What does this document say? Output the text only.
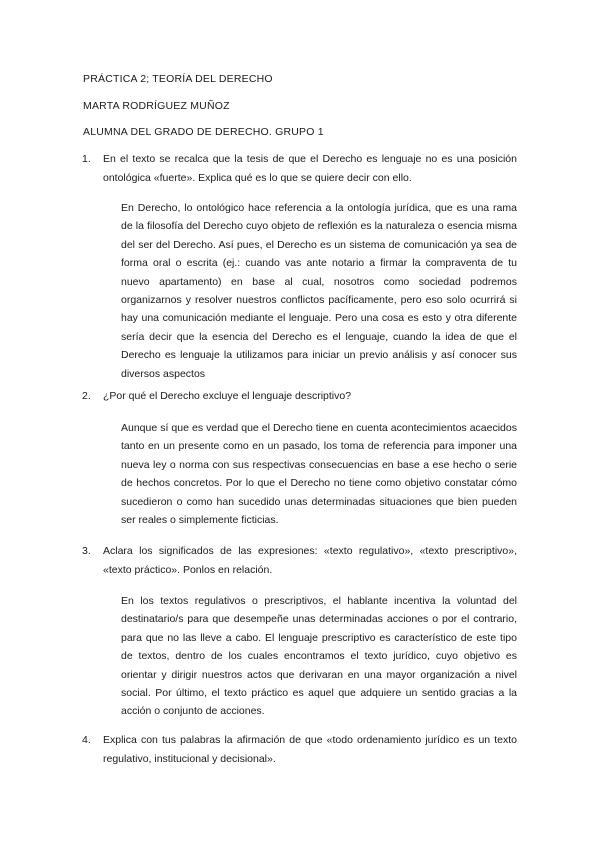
PRÁCTICA 2; TEORÍA DEL DERECHO
MARTA RODRÍGUEZ MUÑOZ
ALUMNA DEL GRADO DE DERECHO. GRUPO 1
1. En el texto se recalca que la tesis de que el Derecho es lenguaje no es una posición ontológica «fuerte». Explica qué es lo que se quiere decir con ello.
En Derecho, lo ontológico hace referencia a la ontología jurídica, que es una rama de la filosofía del Derecho cuyo objeto de reflexión es la naturaleza o esencia misma del ser del Derecho. Así pues, el Derecho es un sistema de comunicación ya sea de forma oral o escrita (ej.: cuando vas ante notario a firmar la compraventa de tu nuevo apartamento) en base al cual, nosotros como sociedad podremos organizarnos y resolver nuestros conflictos pacíficamente, pero eso solo ocurrirá si hay una comunicación mediante el lenguaje. Pero una cosa es esto y otra diferente sería decir que la esencia del Derecho es el lenguaje, cuando la idea de que el Derecho es lenguaje la utilizamos para iniciar un previo análisis y así conocer sus diversos aspectos
2. ¿Por qué el Derecho excluye el lenguaje descriptivo?
Aunque sí que es verdad que el Derecho tiene en cuenta acontecimientos acaecidos tanto en un presente como en un pasado, los toma de referencia para imponer una nueva ley o norma con sus respectivas consecuencias en base a ese hecho o serie de hechos concretos. Por lo que el Derecho no tiene como objetivo constatar cómo sucedieron o como han sucedido unas determinadas situaciones que bien pueden ser reales o simplemente ficticias.
3. Aclara los significados de las expresiones: «texto regulativo», «texto prescriptivo», «texto práctico». Ponlos en relación.
En los textos regulativos o prescriptivos, el hablante incentiva la voluntad del destinatario/s para que desempeñe unas determinadas acciones o por el contrario, para que no las lleve a cabo. El lenguaje prescriptivo es característico de este tipo de textos, dentro de los cuales encontramos el texto jurídico, cuyo objetivo es orientar y dirigir nuestros actos que derivaran en una mayor organización a nivel social. Por último, el texto práctico es aquel que adquiere un sentido gracias a la acción o conjunto de acciones.
4. Explica con tus palabras la afirmación de que «todo ordenamiento jurídico es un texto regulativo, institucional y decisional».
